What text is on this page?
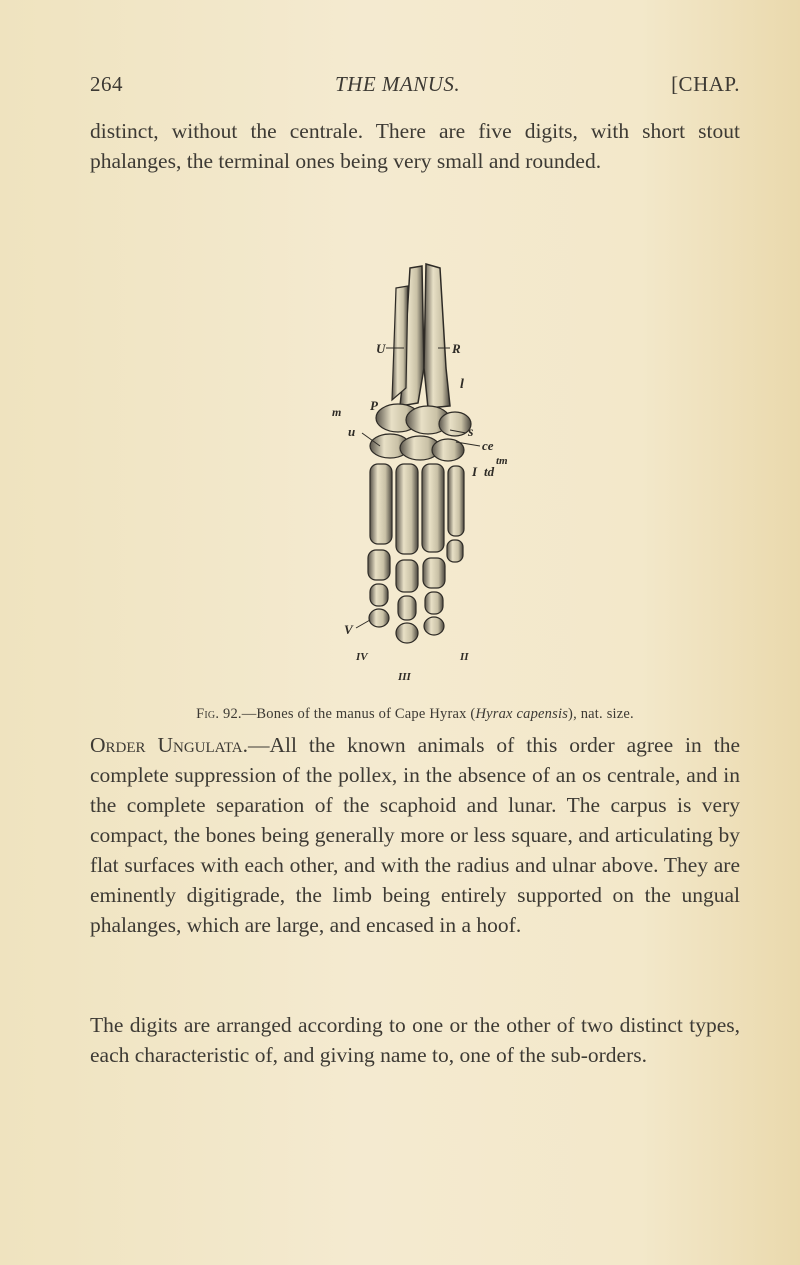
264	THE MANUS.	[CHAP.

distinct, without the centrale. There are five digits, with short stout phalanges, the terminal ones being very small and rounded.

U	R
l
P
m
u	s
ce
tm
I td
V
IV	II
III
Fig. 92.—Bones of the manus of Cape Hyrax (Hyrax capensis), nat. size.

Order Ungulata.—All the known animals of this order agree in the complete suppression of the pollex, in the absence of an os centrale, and in the complete separation of the scaphoid and lunar. The carpus is very compact, the bones being generally more or less square, and articulating by flat surfaces with each other, and with the radius and ulnar above. They are eminently digitigrade, the limb being entirely supported on the ungual phalanges, which are large, and encased in a hoof.

The digits are arranged according to one or the other of two distinct types, each characteristic of, and giving name to, one of the sub-orders.
